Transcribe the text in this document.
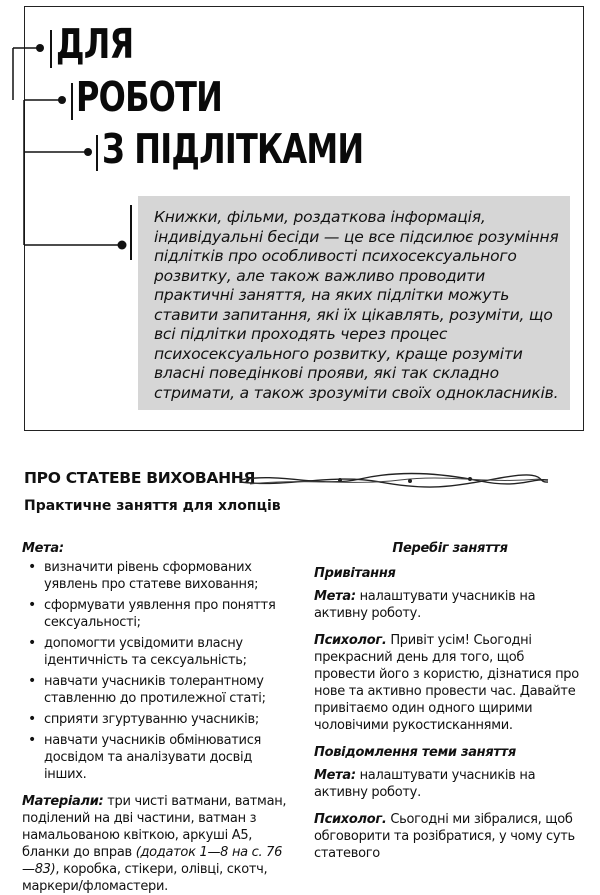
ДЛЯ
РОБОТИ
З ПІДЛІТКАМИ
Книжки, фільми, роздаткова інформація, індивідуальні бесіди — це все підсилює розуміння підлітків про особливості психосексуального розвитку, але також важливо проводити практичні заняття, на яких підлітки можуть ставити запитання, які їх цікавлять, розуміти, що всі підлітки проходять через процес психосексуального розвитку, краще розуміти власні поведінкові прояви, які так складно стримати, а також зрозуміти своїх однокласників.
ПРО СТАТЕВЕ ВИХОВАННЯ
Практичне заняття для хлопців
Мета:
• визначити рівень сформованих уявлень про статеве виховання;
• сформувати уявлення про поняття сексуальності;
• допомогти усвідомити власну ідентичність та сексуальність;
• навчати учасників толерантному ставленню до протилежної статі;
• сприяти згуртуванню учасників;
• навчати учасників обмінюватися досвідом та аналізувати досвід інших.
Матеріали: три чисті ватмани, ватман, поділений на дві частини, ватман з намальованою квіткою, аркуші А5, бланки до вправ (додаток 1—8 на с. 76—83), коробка, стікери, олівці, скотч, маркери/фломастери.
Перебіг заняття
Привітання
Мета: налаштувати учасників на активну роботу.
Психолог. Привіт усім! Сьогодні прекрасний день для того, щоб провести його з користю, дізнатися про нове та активно провести час. Давайте привітаємо один одного щирими чоловічими рукостисканнями.
Повідомлення теми заняття
Мета: налаштувати учасників на активну роботу.
Психолог. Сьогодні ми зібралися, щоб обговорити та розібратися, у чому суть статевого
